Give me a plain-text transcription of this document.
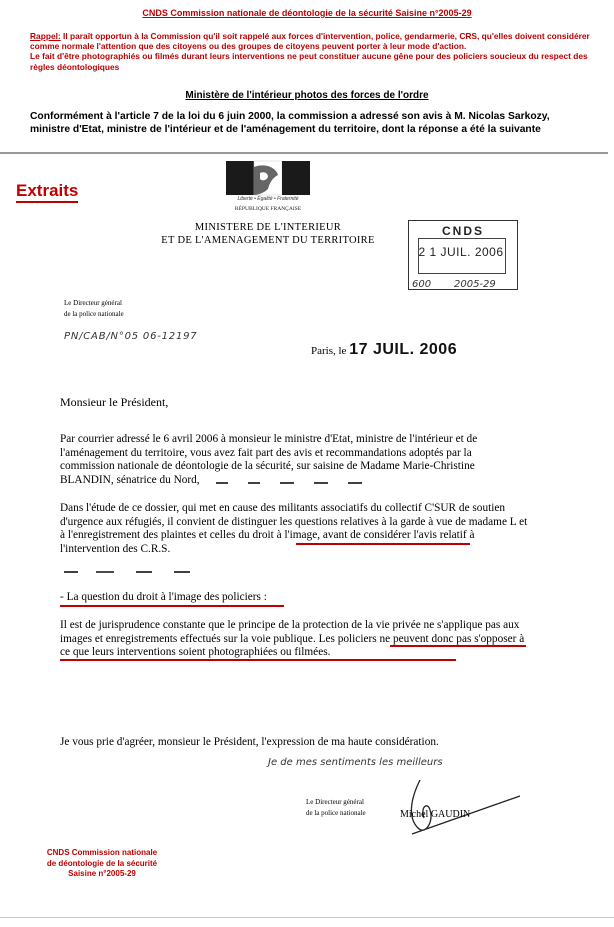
CNDS Commission nationale de déontologie de la sécurité Saisine n°2005-29
Rappel: Il paraît opportun à la Commission qu'il soit rappelé aux forces d'intervention, police, gendarmerie, CRS, qu'elles doivent considérer comme normale l'attention que des citoyens ou des groupes de citoyens peuvent porter à leur mode d'action.
Le fait d'être photographiés ou filmés durant leurs interventions ne peut constituer aucune gêne pour des policiers soucieux du respect des règles déontologiques
Ministère de l'intérieur photos des forces de l'ordre
Conformément à l'article 7 de la loi du 6 juin 2000, la commission a adressé son avis à M. Nicolas Sarkozy, ministre d'Etat, ministre de l'intérieur et de l'aménagement du territoire, dont la réponse a été la suivante
Extraits	Liberté • Égalité • Fraternité
RÉPUBLIQUE FRANÇAISE
MINISTERE DE L'INTERIEUR
ET DE L'AMENAGEMENT DU TERRITOIRE
CNDS
2 1 JUIL. 2006
600 2005-29
Le Directeur général
de la police nationale
PN/CAB/N°05 06-12197
Paris, le 17 JUIL. 2006
Monsieur le Président,
Par courrier adressé le 6 avril 2006 à monsieur le ministre d'Etat, ministre de l'intérieur et de l'aménagement du territoire, vous avez fait part des avis et recommandations adoptés par la commission nationale de déontologie de la sécurité, sur saisine de Madame Marie-Christine BLANDIN, sénatrice du Nord,
Dans l'étude de ce dossier, qui met en cause des militants associatifs du collectif C'SUR de soutien d'urgence aux réfugiés, il convient de distinguer les questions relatives à la garde à vue de madame L et à l'enregistrement des plaintes et celles du droit à l'image, avant de considérer l'avis relatif à l'intervention des C.R.S.
- La question du droit à l'image des policiers :
Il est de jurisprudence constante que le principe de la protection de la vie privée ne s'applique pas aux images et enregistrements effectués sur la voie publique. Les policiers ne peuvent donc pas s'opposer à ce que leurs interventions soient photographiées ou filmées.
Je vous prie d'agréer, monsieur le Président, l'expression de ma haute considération.
Je de mes sentiments les meilleurs
Le Directeur général
de la police nationale	Michel GAUDIN
CNDS Commission nationale
de déontologie de la sécurité
Saisine n°2005-29
